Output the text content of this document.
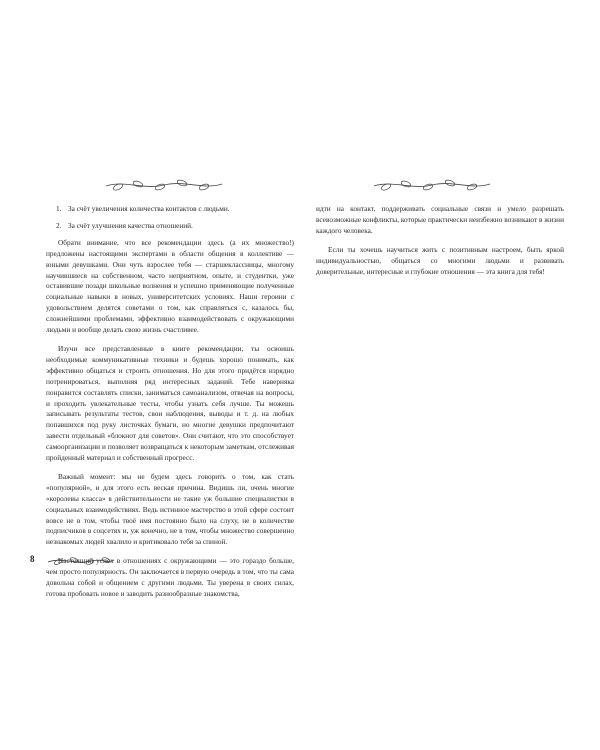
1. За счёт увеличения количества контактов с людьми.
2. За счёт улучшения качества отношений.

Обрати внимание, что все рекомендации здесь (а их множество!) предложены настоящими экспертами в области общения в коллективе — юными девушками. Они чуть взрослее тебя — старшеклассницы, многому научившиеся на собственном, часто неприятном, опыте, и студентки, уже оставившие позади школьные волнения и успешно применяющие полученные социальные навыки в новых, университетских условиях. Наши героини с удовольствием делятся советами о том, как справляться с, казалось бы, сложнейшими проблемами, эффективно взаимодействовать с окружающими людьми и вообще делать свою жизнь счастливее.

Изучи все представленные в книге рекомендации, ты освоишь необходимые коммуникативные техники и будешь хорошо понимать, как эффективно общаться и строить отношения. Но для этого придётся изрядно потренироваться, выполняя ряд интересных заданий. Тебе наверняка понравится составлять списки, заниматься самоанализом, отвечая на вопросы, и проходить увлекательные тесты, чтобы узнать себя лучше. Ты можешь записывать результаты тестов, свои наблюдения, выводы и т. д. на любых попавшихся под руку листочках бумаги, но многие девушки предпочитают завести отдельный «блокнот для советов». Они считают, что это способствует самоорганизации и позволяет возвращаться к некоторым заметкам, отслеживая пройденный материал и собственный прогресс.

Важный момент: мы не будем здесь говорить о том, как стать «популярной», и для этого есть веская причина. Видишь ли, очень многие «королевы класса» в действительности не такие уж большие специалистки в социальных взаимодействиях. Ведь истинное мастерство в этой сфере состоит вовсе не в том, чтобы твоё имя постоянно было на слуху, не в количестве подписчиков в соцсетях и, уж конечно, не в том, чтобы множество совершенно незнакомых людей хвалило и критиковало тебя за спиной.

Настоящий успех в отношениях с окружающими — это гораздо больше, чем просто популярность. Он заключается в первую очередь в том, что ты сама довольна собой и общением с другими людьми. Ты уверена в своих силах, готова пробовать новое и заводить разнообразные знакомства,

идти на контакт, поддерживать социальные связи и умело разрешать всевозможные конфликты, которые практически неизбежно возникают в жизни каждого человека.

Если ты хочешь научиться жить с позитивным настроем, быть яркой индивидуальностью, общаться со многими людьми и развивать доверительные, интересные и глубокие отношения — эта книга для тебя!

8
